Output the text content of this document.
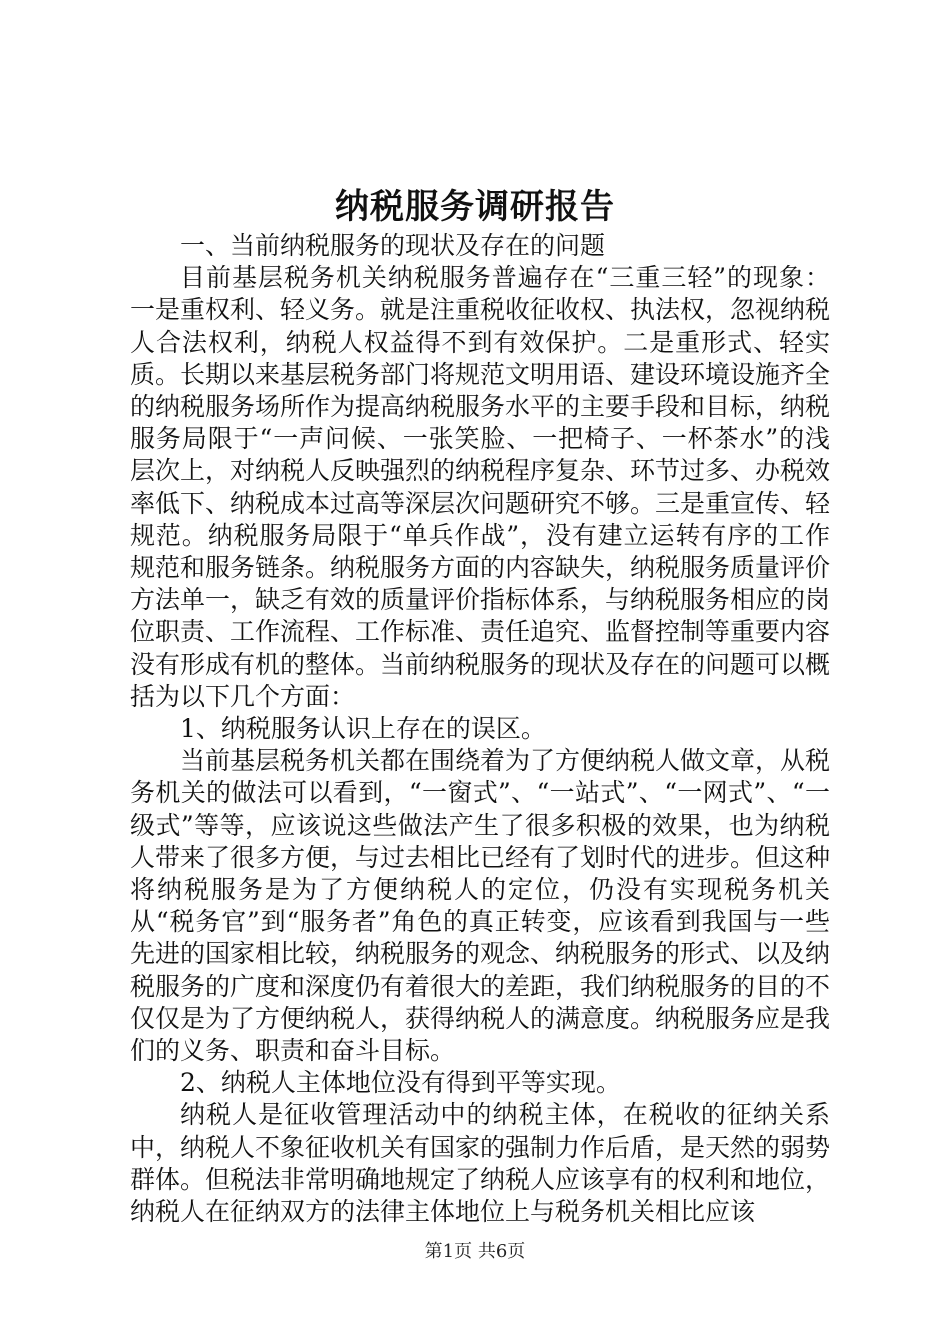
纳税服务调研报告

一、当前纳税服务的现状及存在的问题

目前基层税务机关纳税服务普遍存在“三重三轻”的现象：一是重权利、轻义务。就是注重税收征收权、执法权，忽视纳税人合法权利，纳税人权益得不到有效保护。二是重形式、轻实质。长期以来基层税务部门将规范文明用语、建设环境设施齐全的纳税服务场所作为提高纳税服务水平的主要手段和目标，纳税服务局限于“一声问候、一张笑脸、一把椅子、一杯茶水”的浅层次上，对纳税人反映强烈的纳税程序复杂、环节过多、办税效率低下、纳税成本过高等深层次问题研究不够。三是重宣传、轻规范。纳税服务局限于“单兵作战”，没有建立运转有序的工作规范和服务链条。纳税服务方面的内容缺失，纳税服务质量评价方法单一，缺乏有效的质量评价指标体系，与纳税服务相应的岗位职责、工作流程、工作标准、责任追究、监督控制等重要内容没有形成有机的整体。当前纳税服务的现状及存在的问题可以概括为以下几个方面：

1、纳税服务认识上存在的误区。

当前基层税务机关都在围绕着为了方便纳税人做文章，从税务机关的做法可以看到，“一窗式”、“一站式”、“一网式”、“一级式”等等，应该说这些做法产生了很多积极的效果，也为纳税人带来了很多方便，与过去相比已经有了划时代的进步。但这种将纳税服务是为了方便纳税人的定位，仍没有实现税务机关从“税务官”到“服务者”角色的真正转变，应该看到我国与一些先进的国家相比较，纳税服务的观念、纳税服务的形式、以及纳税服务的广度和深度仍有着很大的差距，我们纳税服务的目的不仅仅是为了方便纳税人，获得纳税人的满意度。纳税服务应是我们的义务、职责和奋斗目标。

2、纳税人主体地位没有得到平等实现。

纳税人是征收管理活动中的纳税主体，在税收的征纳关系中，纳税人不象征收机关有国家的强制力作后盾，是天然的弱势群体。但税法非常明确地规定了纳税人应该享有的权利和地位，纳税人在征纳双方的法律主体地位上与税务机关相比应该

第1页 共6页
